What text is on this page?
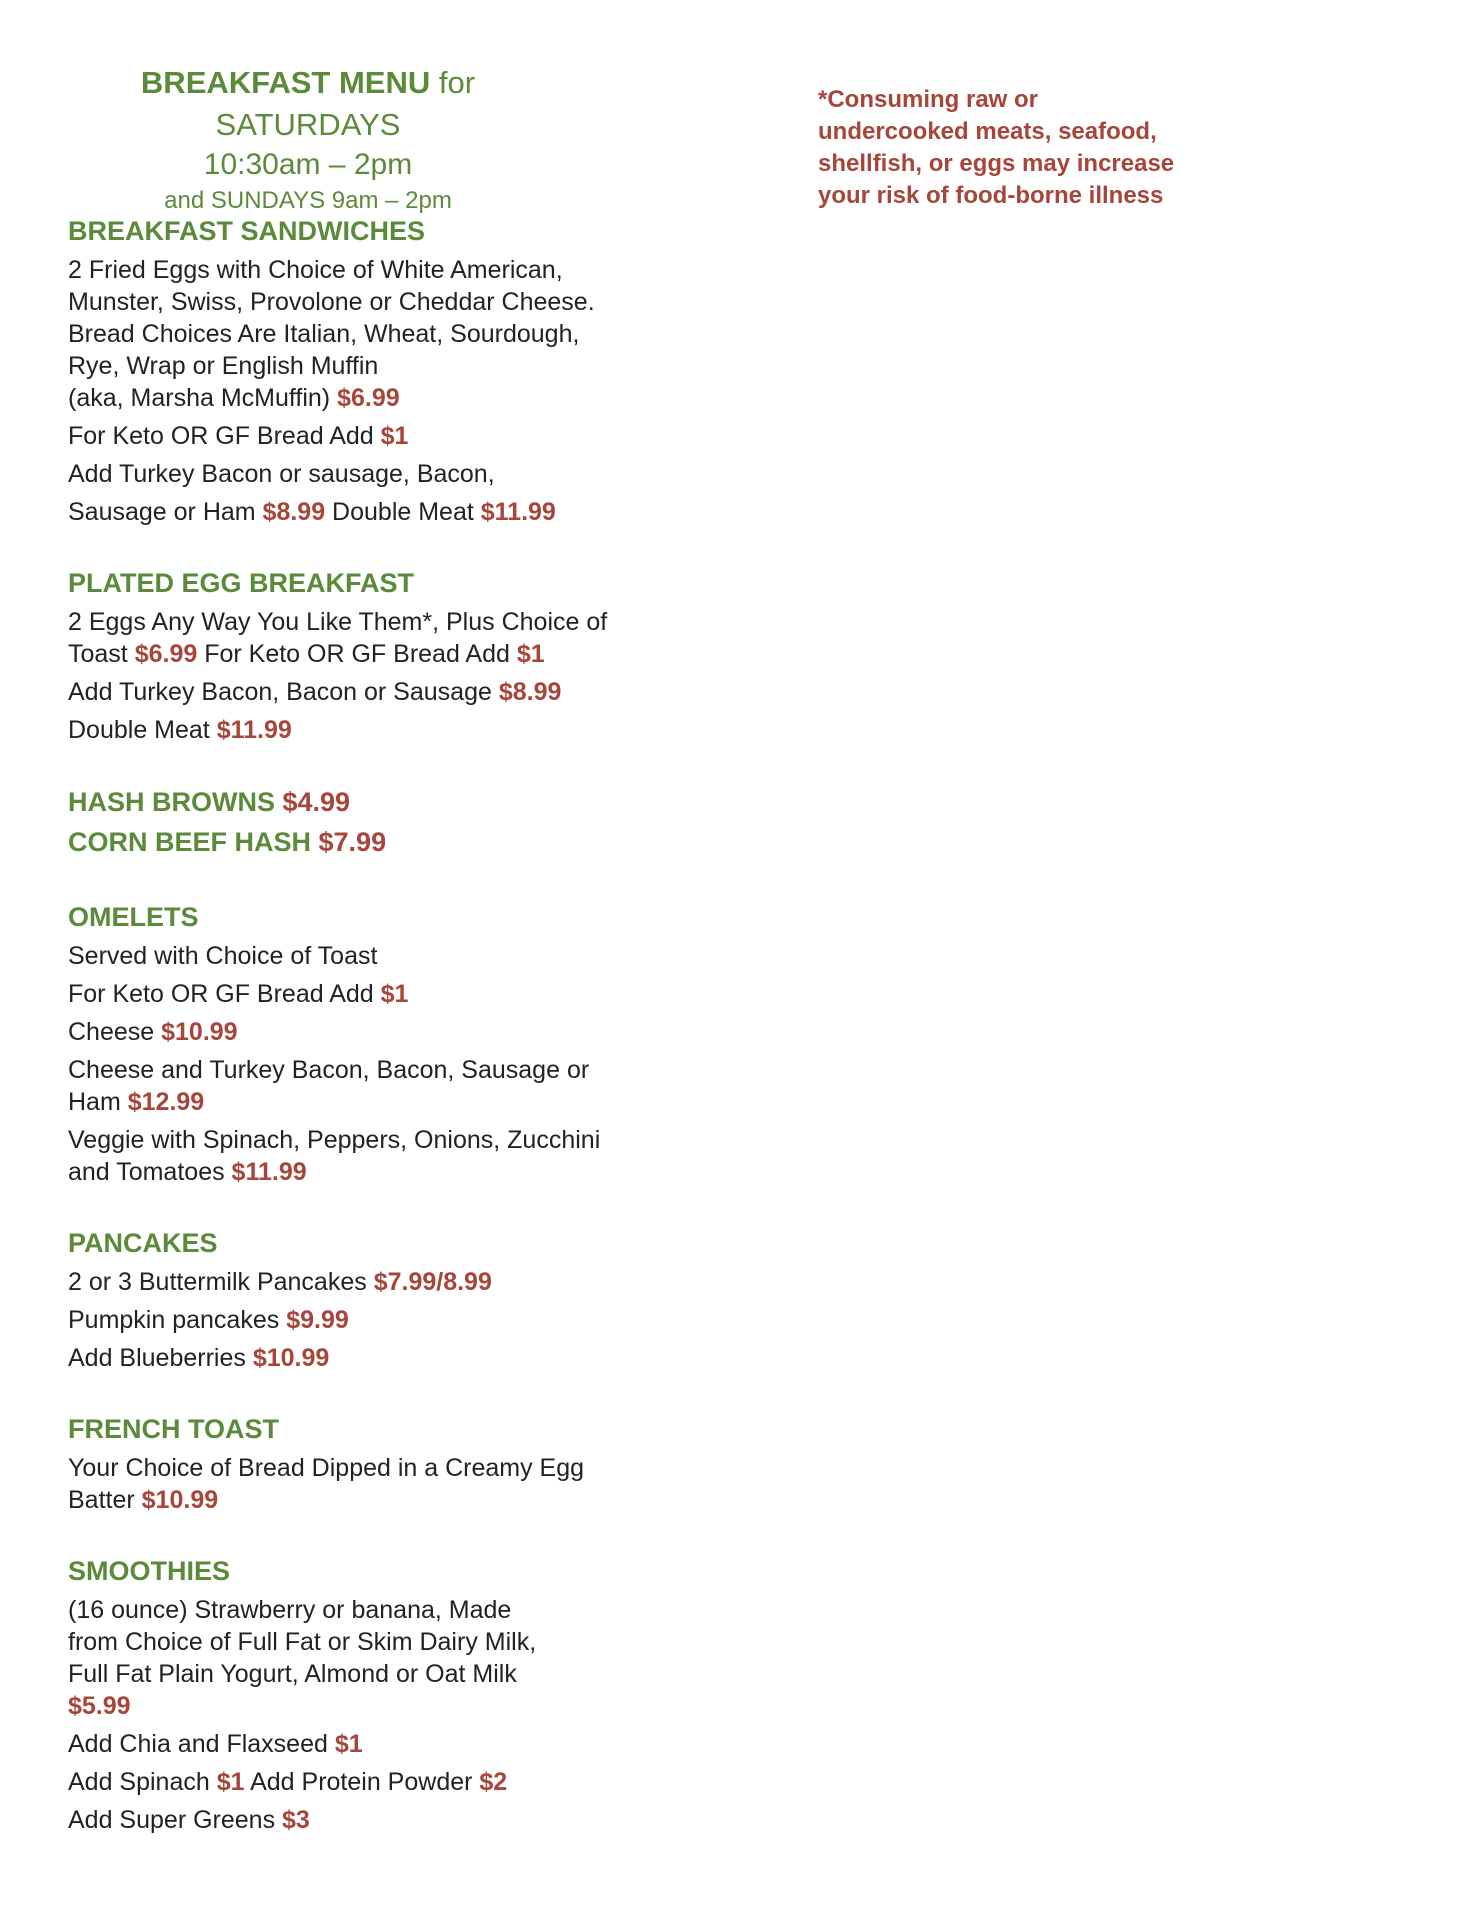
BREAKFAST MENU for SATURDAYS
10:30am – 2pm
and SUNDAYS 9am – 2pm
*Consuming raw or undercooked meats, seafood, shellfish, or eggs may increase your risk of food-borne illness
BREAKFAST SANDWICHES
2 Fried Eggs with Choice of White American,
Munster, Swiss, Provolone or Cheddar Cheese.
Bread Choices Are Italian, Wheat, Sourdough,
Rye, Wrap or English Muffin
(aka, Marsha McMuffin) $6.99
For Keto OR GF Bread Add $1
Add Turkey Bacon or sausage, Bacon,
Sausage or Ham $8.99 Double Meat $11.99
PLATED EGG BREAKFAST
2 Eggs Any Way You Like Them*, Plus Choice of
Toast $6.99 For Keto OR GF Bread Add $1
Add Turkey Bacon, Bacon or Sausage $8.99
Double Meat $11.99
HASH BROWNS $4.99
CORN BEEF HASH $7.99
OMELETS
Served with Choice of Toast
For Keto OR GF Bread Add $1
Cheese $10.99
Cheese and Turkey Bacon, Bacon, Sausage or
Ham $12.99
Veggie with Spinach, Peppers, Onions, Zucchini
and Tomatoes $11.99
PANCAKES
2 or 3 Buttermilk Pancakes $7.99/8.99
Pumpkin pancakes $9.99
Add Blueberries $10.99
FRENCH TOAST
Your Choice of Bread Dipped in a Creamy Egg
Batter $10.99
SMOOTHIES
(16 ounce) Strawberry or banana, Made
from Choice of Full Fat or Skim Dairy Milk,
Full Fat Plain Yogurt, Almond or Oat Milk
$5.99
Add Chia and Flaxseed $1
Add Spinach $1 Add Protein Powder $2
Add Super Greens $3
